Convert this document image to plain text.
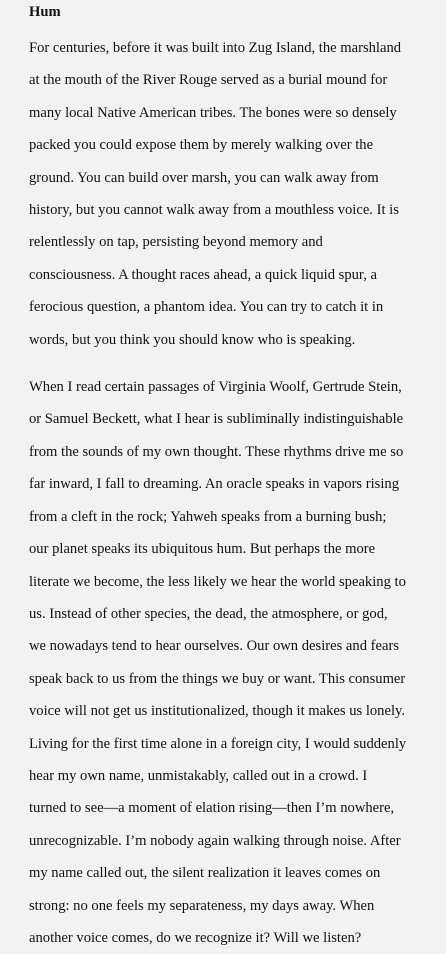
Hum

For centuries, before it was built into Zug Island, the marshland
at the mouth of the River Rouge served as a burial mound for
many local Native American tribes. The bones were so densely
packed you could expose them by merely walking over the
ground. You can build over marsh, you can walk away from
history, but you cannot walk away from a mouthless voice. It is
relentlessly on tap, persisting beyond memory and
consciousness. A thought races ahead, a quick liquid spur, a
ferocious question, a phantom idea. You can try to catch it in
words, but you think you should know who is speaking.

When I read certain passages of Virginia Woolf, Gertrude Stein,
or Samuel Beckett, what I hear is subliminally indistinguishable
from the sounds of my own thought. These rhythms drive me so
far inward, I fall to dreaming. An oracle speaks in vapors rising
from a cleft in the rock; Yahweh speaks from a burning bush;
our planet speaks its ubiquitous hum. But perhaps the more
literate we become, the less likely we hear the world speaking to
us. Instead of other species, the dead, the atmosphere, or god,
we nowadays tend to hear ourselves. Our own desires and fears
speak back to us from the things we buy or want. This consumer
voice will not get us institutionalized, though it makes us lonely.
Living for the first time alone in a foreign city, I would suddenly
hear my own name, unmistakably, called out in a crowd. I
turned to see—a moment of elation rising—then I’m nowhere,
unrecognizable. I’m nobody again walking through noise. After
my name called out, the silent realization it leaves comes on
strong: no one feels my separateness, my days away. When
another voice comes, do we recognize it? Will we listen?
